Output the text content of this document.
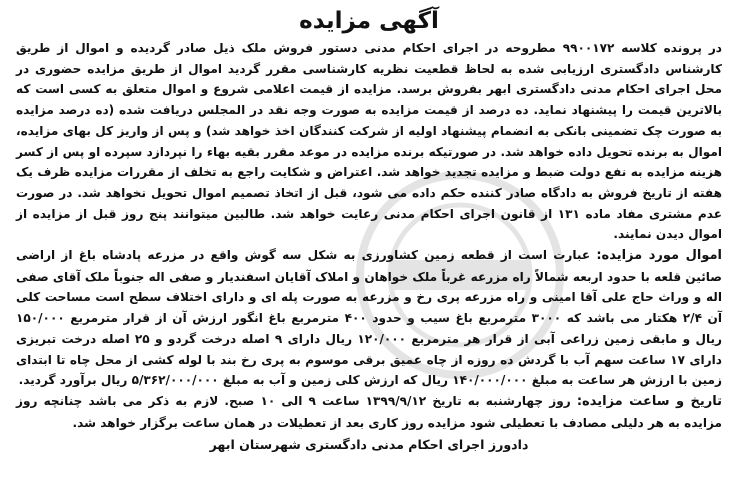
آگهی مزایده

در پرونده کلاسه ۹۹۰۰۱۷۲ مطروحه در اجرای احکام مدنی دستور فروش ملک ذیل صادر گردیده و اموال از طریق کارشناس دادگستری ارزیابی شده به لحاظ قطعیت نظریه کارشناسی مقرر گردید اموال از طریق مزایده حضوری در محل اجرای احکام مدنی دادگستری ابهر بفروش برسد. مزایده از قیمت اعلامی شروع و اموال متعلق به کسی است که بالاترین قیمت را پیشنهاد نماید. ده درصد از قیمت مزایده به صورت وجه نقد در المجلس دریافت شده (ده درصد مزایده به صورت چک تضمینی بانکی به انضمام پیشنهاد اولیه از شرکت کنندگان اخذ خواهد شد) و پس از واریز کل بهای مزایده، اموال به برنده تحویل داده خواهد شد. در صورتیکه برنده مزایده در موعد مقرر بقیه بهاء را نپردازد سپرده او پس از کسر هزینه مزایده به نفع دولت ضبط و مزایده تجدید خواهد شد. اعتراض و شکایت راجع به تخلف از مقررات مزایده ظرف یک هفته از تاریخ فروش به دادگاه صادر کننده حکم داده می شود، قبل از اتخاذ تصمیم اموال تحویل نخواهد شد. در صورت عدم مشتری مفاد ماده ۱۳۱ از قانون اجرای احکام مدنی رعایت خواهد شد. طالبین میتوانند پنج روز قبل از مزایده از اموال دیدن نمایند.

اموال مورد مزایده: عبارت است از قطعه زمین کشاورزی به شکل سه گوش واقع در مزرعه پادشاه باغ از اراضی صائین قلعه با حدود اربعه شمالاً راه مزرعه غرباً ملک خواهان و املاک آقایان اسفندیار و صفی اله جنوباً ملک آقای صفی اله و وراث حاج علی آقا امینی و راه مزرعه پری رخ و مزرعه به صورت پله ای و دارای اختلاف سطح است مساحت کلی آن ۲/۴ هکتار می باشد که ۳۰۰۰ مترمربع باغ سیب و حدود ۴۰۰ مترمربع باغ انگور ارزش آن از قرار مترمربع ۱۵۰/۰۰۰ ریال و مابقی زمین زراعی آبی از قرار هر مترمربع ۱۲۰/۰۰۰ ریال دارای ۹ اصله درخت گردو و ۲۵ اصله درخت تبریزی دارای ۱۷ ساعت سهم آب با گردش ده روزه از چاه عمیق برقی موسوم به پری رخ بند با لوله کشی از محل چاه تا ابتدای زمین با ارزش هر ساعت به مبلغ ۱۴۰/۰۰۰/۰۰۰ ریال که ارزش کلی زمین و آب به مبلغ ۵/۳۶۲/۰۰۰/۰۰۰ ریال برآورد گردید.

تاریخ و ساعت مزایده: روز چهارشنبه به تاریخ ۱۳۹۹/۹/۱۲ ساعت ۹ الی ۱۰ صبح. لازم به ذکر می باشد چنانچه روز مزایده به هر دلیلی مصادف با تعطیلی شود مزایده روز کاری بعد از تعطیلات در همان ساعت برگزار خواهد شد.

دادورز اجرای احکام مدنی دادگستری شهرستان ابهر
